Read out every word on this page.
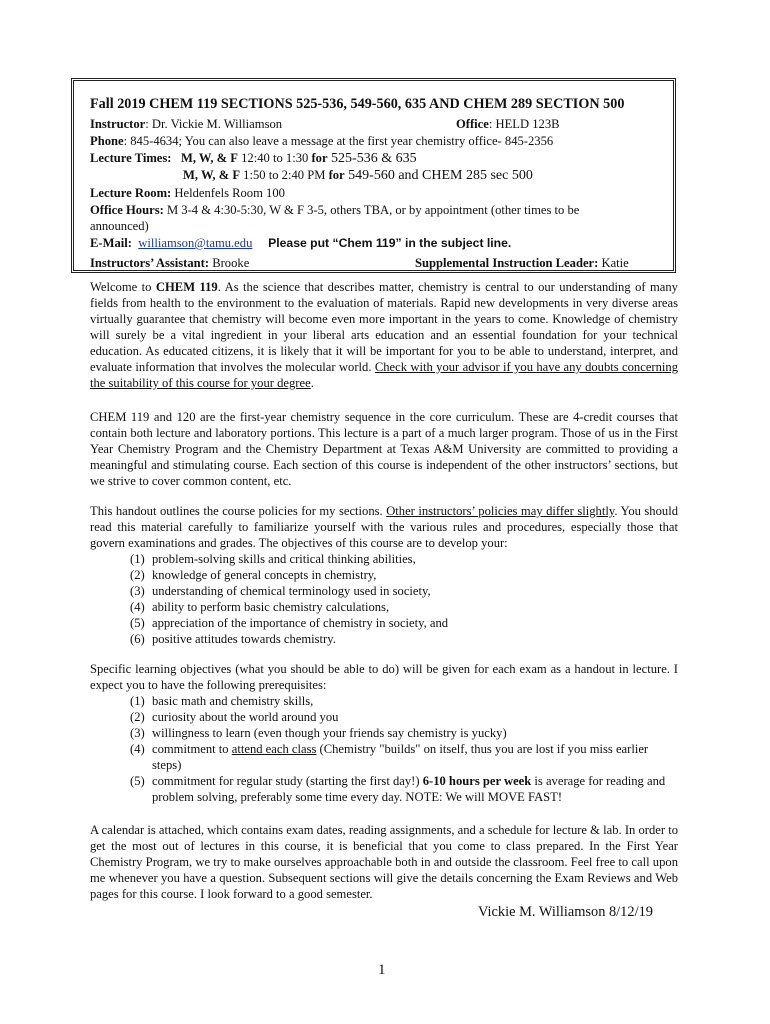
Fall 2019 CHEM 119 SECTIONS 525-536, 549-560, 635 AND CHEM 289 SECTION 500
Instructor: Dr. Vickie M. Williamson	Office: HELD 123B
Phone: 845-4634; You can also leave a message at the first year chemistry office- 845-2356
Lecture Times: M, W, & F 12:40 to 1:30 for 525-536 & 635
M, W, & F 1:50 to 2:40 PM for 549-560 and CHEM 285 sec 500
Lecture Room: Heldenfels Room 100
Office Hours: M 3-4 & 4:30-5:30, W & F 3-5, others TBA, or by appointment (other times to be
announced)
E-Mail: williamson@tamu.edu Please put “Chem 119” in the subject line.
Instructors’ Assistant: Brooke	Supplemental Instruction Leader: Katie

Welcome to CHEM 119. As the science that describes matter, chemistry is central to our understanding of many fields from health to the environment to the evaluation of materials. Rapid new developments in very diverse areas virtually guarantee that chemistry will become even more important in the years to come. Knowledge of chemistry will surely be a vital ingredient in your liberal arts education and an essential foundation for your technical education. As educated citizens, it is likely that it will be important for you to be able to understand, interpret, and evaluate information that involves the molecular world. Check with your advisor if you have any doubts concerning the suitability of this course for your degree.

CHEM 119 and 120 are the first-year chemistry sequence in the core curriculum. These are 4-credit courses that contain both lecture and laboratory portions. This lecture is a part of a much larger program. Those of us in the First Year Chemistry Program and the Chemistry Department at Texas A&M University are committed to providing a meaningful and stimulating course. Each section of this course is independent of the other instructors’ sections, but we strive to cover common content, etc.

This handout outlines the course policies for my sections. Other instructors’ policies may differ slightly. You should read this material carefully to familiarize yourself with the various rules and procedures, especially those that govern examinations and grades. The objectives of this course are to develop your:

(1) problem-solving skills and critical thinking abilities,
(2) knowledge of general concepts in chemistry,
(3) understanding of chemical terminology used in society,
(4) ability to perform basic chemistry calculations,
(5) appreciation of the importance of chemistry in society, and
(6) positive attitudes towards chemistry.

Specific learning objectives (what you should be able to do) will be given for each exam as a handout in lecture. I expect you to have the following prerequisites:

(1) basic math and chemistry skills,
(2) curiosity about the world around you
(3) willingness to learn (even though your friends say chemistry is yucky)
(4) commitment to attend each class (Chemistry "builds" on itself, thus you are lost if you miss earlier steps)
(5) commitment for regular study (starting the first day!) 6-10 hours per week is average for reading and problem solving, preferably some time every day. NOTE: We will MOVE FAST!

A calendar is attached, which contains exam dates, reading assignments, and a schedule for lecture & lab. In order to get the most out of lectures in this course, it is beneficial that you come to class prepared. In the First Year Chemistry Program, we try to make ourselves approachable both in and outside the classroom. Feel free to call upon me whenever you have a question. Subsequent sections will give the details concerning the Exam Reviews and Web pages for this course. I look forward to a good semester.

Vickie M. Williamson 8/12/19
1
